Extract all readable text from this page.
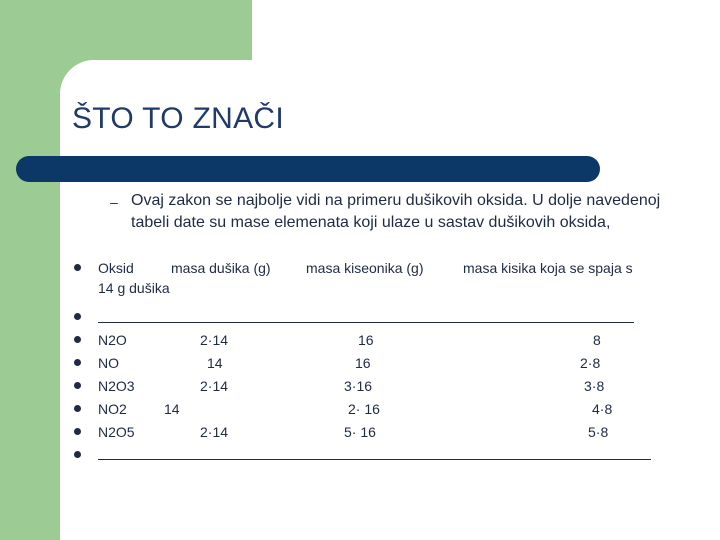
ŠTO TO ZNAČI
– Ovaj zakon se najbolje vidi na primeru dušikovih oksida. U dolje navedenoj tabeli date su mase elemenata koji ulaze u sastav dušikovih oksida,
Oksid	masa dušika (g)	masa kiseonika (g)	masa kisika koja se spaja s
14 g dušika
N2O	2·14	16	8
NO	14	16	2·8
N2O3	2·14	3·16	3·8
NO2	14	2· 16	4·8
N2O5	2·14	5· 16	5·8
